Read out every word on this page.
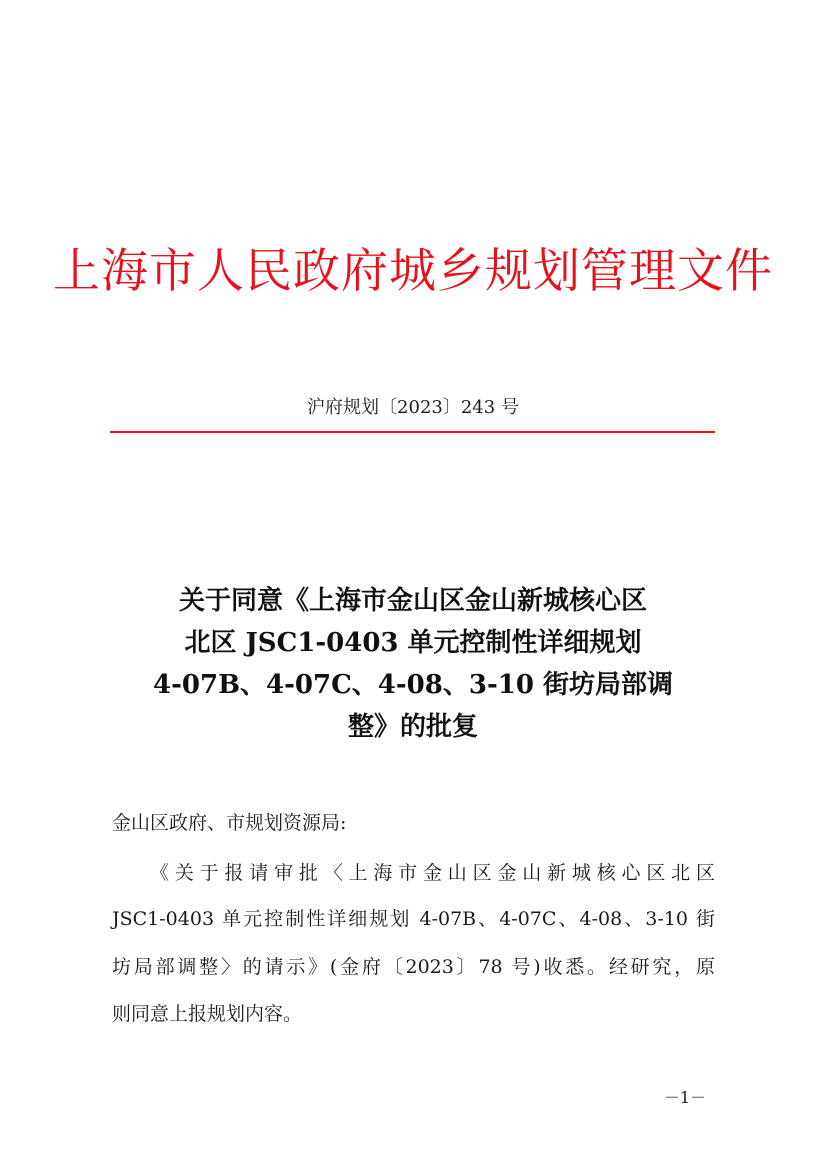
上海市人民政府城乡规划管理文件
沪府规划〔2023〕243 号
关于同意《上海市金山区金山新城核心区
北区 JSC1-0403 单元控制性详细规划
4-07B、4-07C、4-08、3-10 街坊局部调
整》的批复
金山区政府、市规划资源局:
《关于报请审批〈上海市金山区金山新城核心区北区
JSC1-0403 单元控制性详细规划 4-07B、4-07C、4-08、3-10 街
坊局部调整〉的请示》(金府〔2023〕78 号)收悉。经研究，原
则同意上报规划内容。
－1－
